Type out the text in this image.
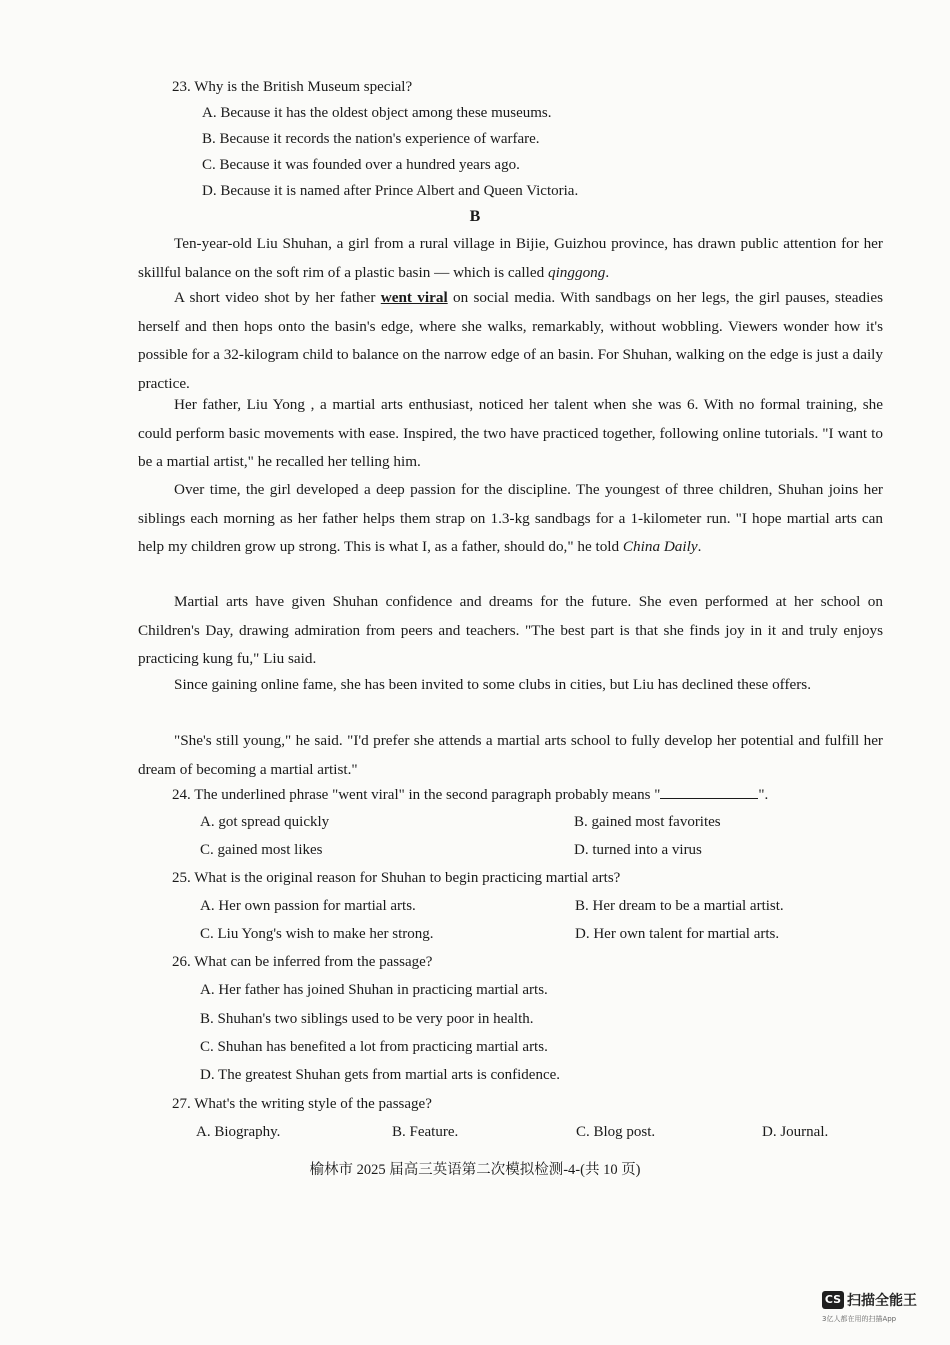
23. Why is the British Museum special?
A. Because it has the oldest object among these museums.
B. Because it records the nation's experience of warfare.
C. Because it was founded over a hundred years ago.
D. Because it is named after Prince Albert and Queen Victoria.
B
Ten-year-old Liu Shuhan, a girl from a rural village in Bijie, Guizhou province, has drawn public attention for her skillful balance on the soft rim of a plastic basin — which is called qinggong.
A short video shot by her father went viral on social media. With sandbags on her legs, the girl pauses, steadies herself and then hops onto the basin's edge, where she walks, remarkably, without wobbling. Viewers wonder how it's possible for a 32-kilogram child to balance on the narrow edge of an basin. For Shuhan, walking on the edge is just a daily practice.
Her father, Liu Yong , a martial arts enthusiast, noticed her talent when she was 6. With no formal training, she could perform basic movements with ease. Inspired, the two have practiced together, following online tutorials. "I want to be a martial artist," he recalled her telling him.
Over time, the girl developed a deep passion for the discipline. The youngest of three children, Shuhan joins her siblings each morning as her father helps them strap on 1.3-kg sandbags for a 1-kilometer run. "I hope martial arts can help my children grow up strong. This is what I, as a father, should do," he told China Daily.
Martial arts have given Shuhan confidence and dreams for the future. She even performed at her school on Children's Day, drawing admiration from peers and teachers. "The best part is that she finds joy in it and truly enjoys practicing kung fu," Liu said.
Since gaining online fame, she has been invited to some clubs in cities, but Liu has declined these offers.
"She's still young," he said. "I'd prefer she attends a martial arts school to fully develop her potential and fulfill her dream of becoming a martial artist."
24. The underlined phrase "went viral" in the second paragraph probably means "	".
A. got spread quickly	B. gained most favorites
C. gained most likes	D. turned into a virus
25. What is the original reason for Shuhan to begin practicing martial arts?
A. Her own passion for martial arts.	B. Her dream to be a martial artist.
C. Liu Yong's wish to make her strong.	D. Her own talent for martial arts.
26. What can be inferred from the passage?
A. Her father has joined Shuhan in practicing martial arts.
B. Shuhan's two siblings used to be very poor in health.
C. Shuhan has benefited a lot from practicing martial arts.
D. The greatest Shuhan gets from martial arts is confidence.
27. What's the writing style of the passage?
A. Biography.	B. Feature.	C. Blog post.	D. Journal.
榆林市 2025 届高三英语第二次模拟检测-4-(共 10 页)
CS 扫描全能王
3亿人都在用的扫描App
